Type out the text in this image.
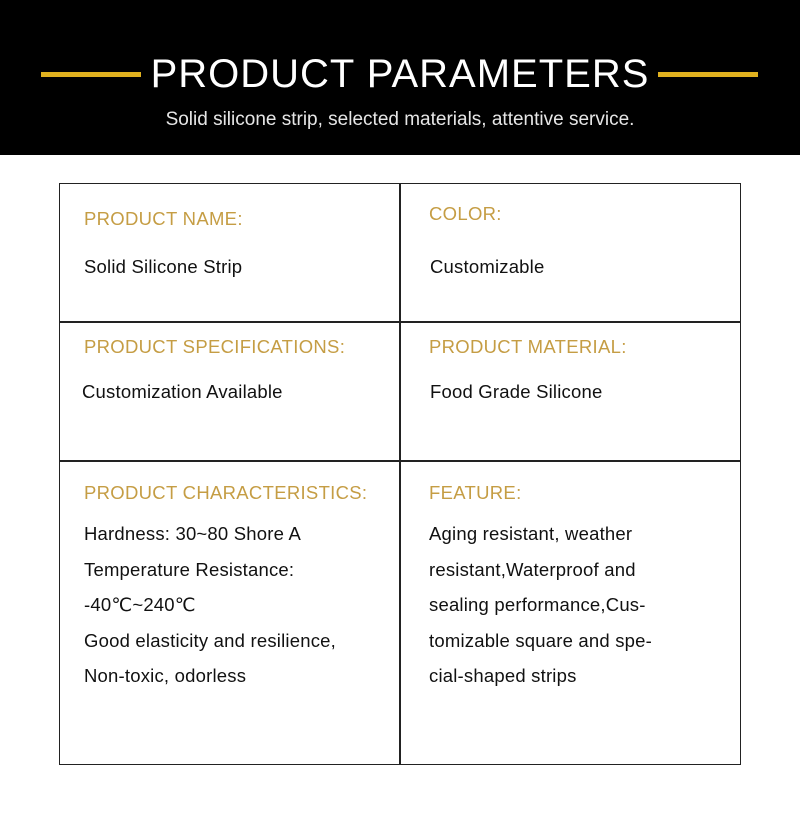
PRODUCT PARAMETERS
Solid silicone strip, selected materials, attentive service.
PRODUCT NAME:
Solid Silicone Strip
COLOR:
Customizable
PRODUCT SPECIFICATIONS:
Customization Available
PRODUCT MATERIAL:
Food Grade Silicone
PRODUCT CHARACTERISTICS:
Hardness: 30~80 Shore A
Temperature Resistance:
-40℃~240℃
Good elasticity and resilience,
Non-toxic, odorless
FEATURE:
Aging resistant, weather
resistant,Waterproof and
sealing performance,Cus-
tomizable square and spe-
cial-shaped strips
